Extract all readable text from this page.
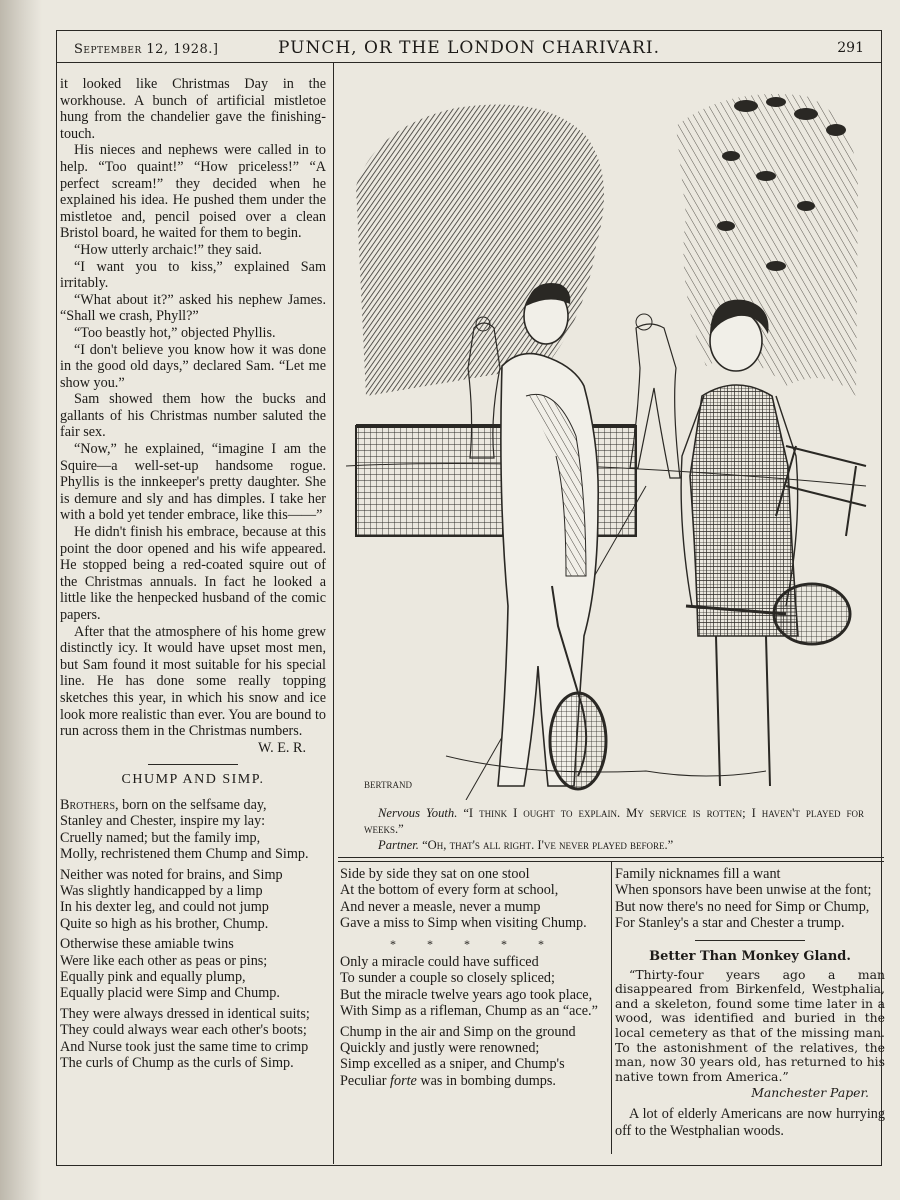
September 12, 1928.]	PUNCH, OR THE LONDON CHARIVARI.	291

it looked like Christmas Day in the workhouse. A bunch of artificial mistletoe hung from the chandelier gave the finishing-touch.

His nieces and nephews were called in to help. “Too quaint!” “How priceless!” “A perfect scream!” they decided when he explained his idea. He pushed them under the mistletoe and, pencil poised over a clean Bristol board, he waited for them to begin.

“How utterly archaic!” they said.

“I want you to kiss,” explained Sam irritably.

“What about it?” asked his nephew James. “Shall we crash, Phyll?”

“Too beastly hot,” objected Phyllis.

“I don't believe you know how it was done in the good old days,” declared Sam. “Let me show you.”

Sam showed them how the bucks and gallants of his Christmas number saluted the fair sex.

“Now,” he explained, “imagine I am the Squire—a well-set-up handsome rogue. Phyllis is the innkeeper's pretty daughter. She is demure and sly and has dimples. I take her with a bold yet tender embrace, like this——”

He didn't finish his embrace, because at this point the door opened and his wife appeared. He stopped being a red-coated squire out of the Christmas annuals. In fact he looked a little like the henpecked husband of the comic papers.

After that the atmosphere of his home grew distinctly icy. It would have upset most men, but Sam found it most suitable for his special line. He has done some really topping sketches this year, in which his snow and ice look more realistic than ever. You are bound to run across them in the Christmas numbers.

W. E. R.
CHUMP AND SIMP.
Brothers, born on the selfsame day,
Stanley and Chester, inspire my lay:
Cruelly named; but the family imp,
Molly, rechristened them Chump and Simp.
Neither was noted for brains, and Simp
Was slightly handicapped by a limp
In his dexter leg, and could not jump
Quite so high as his brother, Chump.
Otherwise these amiable twins
Were like each other as peas or pins;
Equally pink and equally plump,
Equally placid were Simp and Chump.
They were always dressed in identical suits;
They could always wear each other's boots;
And Nurse took just the same time to crimp
The curls of Chump as the curls of Simp.
BERTRAND

Nervous Youth. “I think I ought to explain. My service is rotten; I haven't played for weeks.”

Partner. “Oh, that's all right. I've never played before.”

Side by side they sat on one stool
At the bottom of every form at school,
And never a measle, never a mump
Gave a miss to Simp when visiting Chump.
* * * * *
Only a miracle could have sufficed
To sunder a couple so closely spliced;
But the miracle twelve years ago took place,
With Simp as a rifleman, Chump as an “ace.”
Chump in the air and Simp on the ground
Quickly and justly were renowned;
Simp excelled as a sniper, and Chump's
Peculiar forte was in bombing dumps.
Family nicknames fill a want
When sponsors have been unwise at the font;
But now there's no need for Simp or Chump,
For Stanley's a star and Chester a trump.
Better Than Monkey Gland.

“Thirty-four years ago a man disappeared from Birkenfeld, Westphalia, and a skeleton, found some time later in a wood, was identified and buried in the local cemetery as that of the missing man. To the astonishment of the relatives, the man, now 30 years old, has returned to his native town from America.”

Manchester Paper.
A lot of elderly Americans are now hurrying off to the Westphalian woods.
